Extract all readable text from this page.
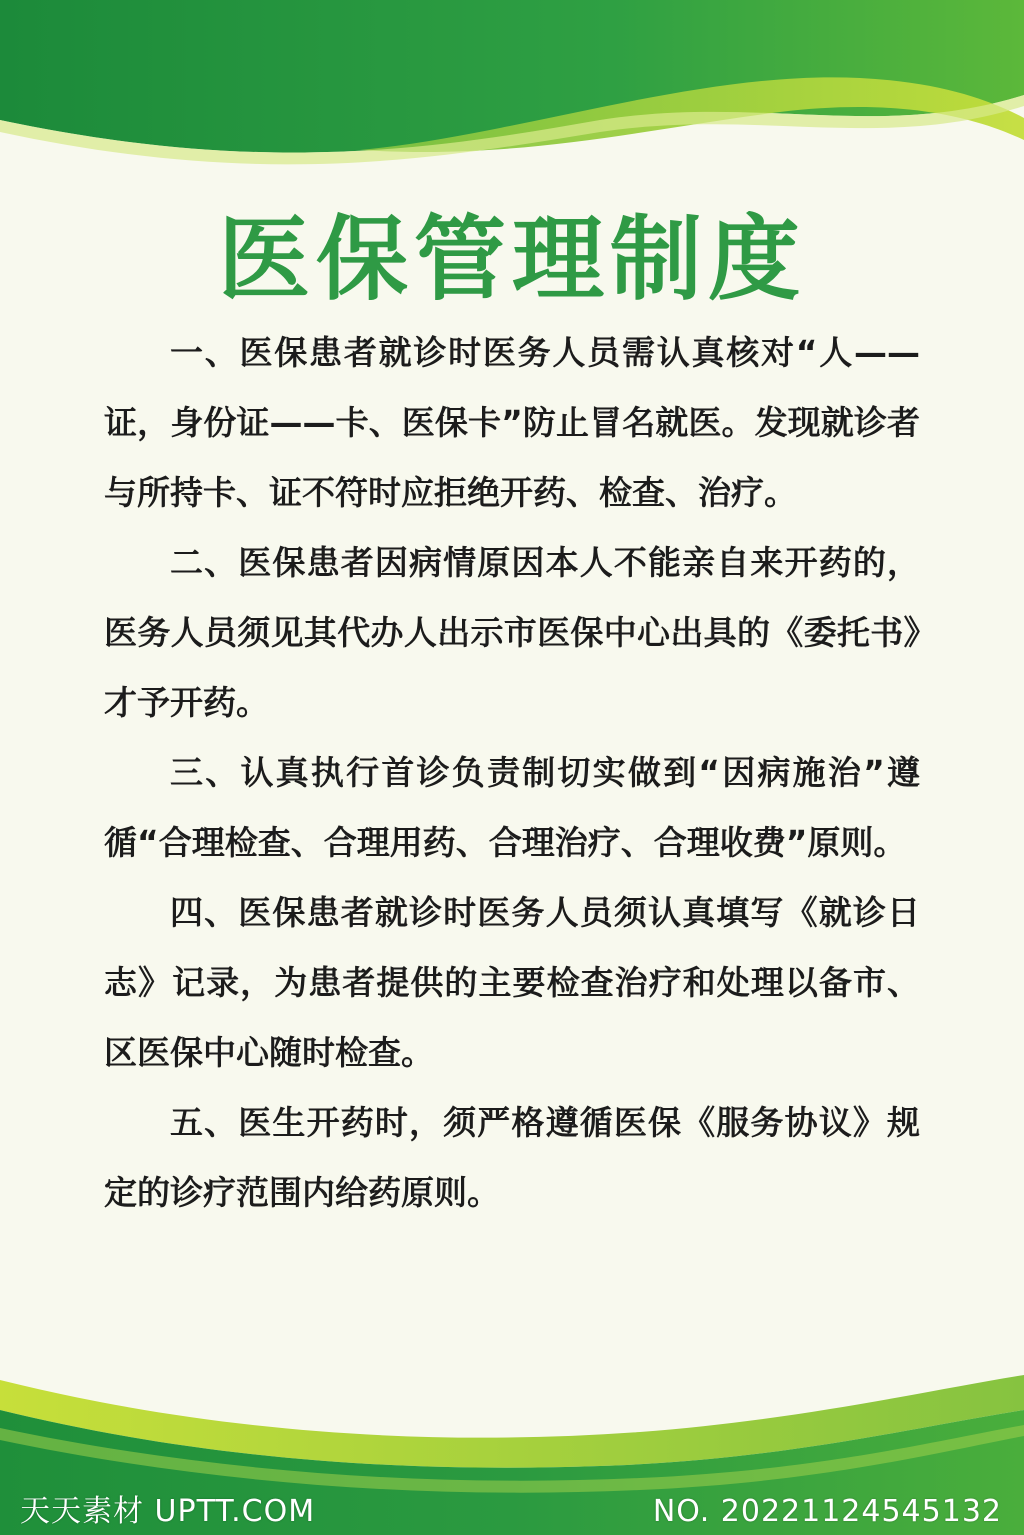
医保管理制度

一、医保患者就诊时医务人员需认真核对“人——证，身份证——卡、医保卡”防止冒名就医。发现就诊者与所持卡、证不符时应拒绝开药、检查、治疗。

二、医保患者因病情原因本人不能亲自来开药的，医务人员须见其代办人出示市医保中心出具的《委托书》才予开药。

三、认真执行首诊负责制切实做到“因病施治”遵循“合理检查、合理用药、合理治疗、合理收费”原则。

四、医保患者就诊时医务人员须认真填写《就诊日志》记录，为患者提供的主要检查治疗和处理以备市、区医保中心随时检查。

五、医生开药时，须严格遵循医保《服务协议》规定的诊疗范围内给药原则。

天天素材 UPTT.COM	NO. 20221124545132
